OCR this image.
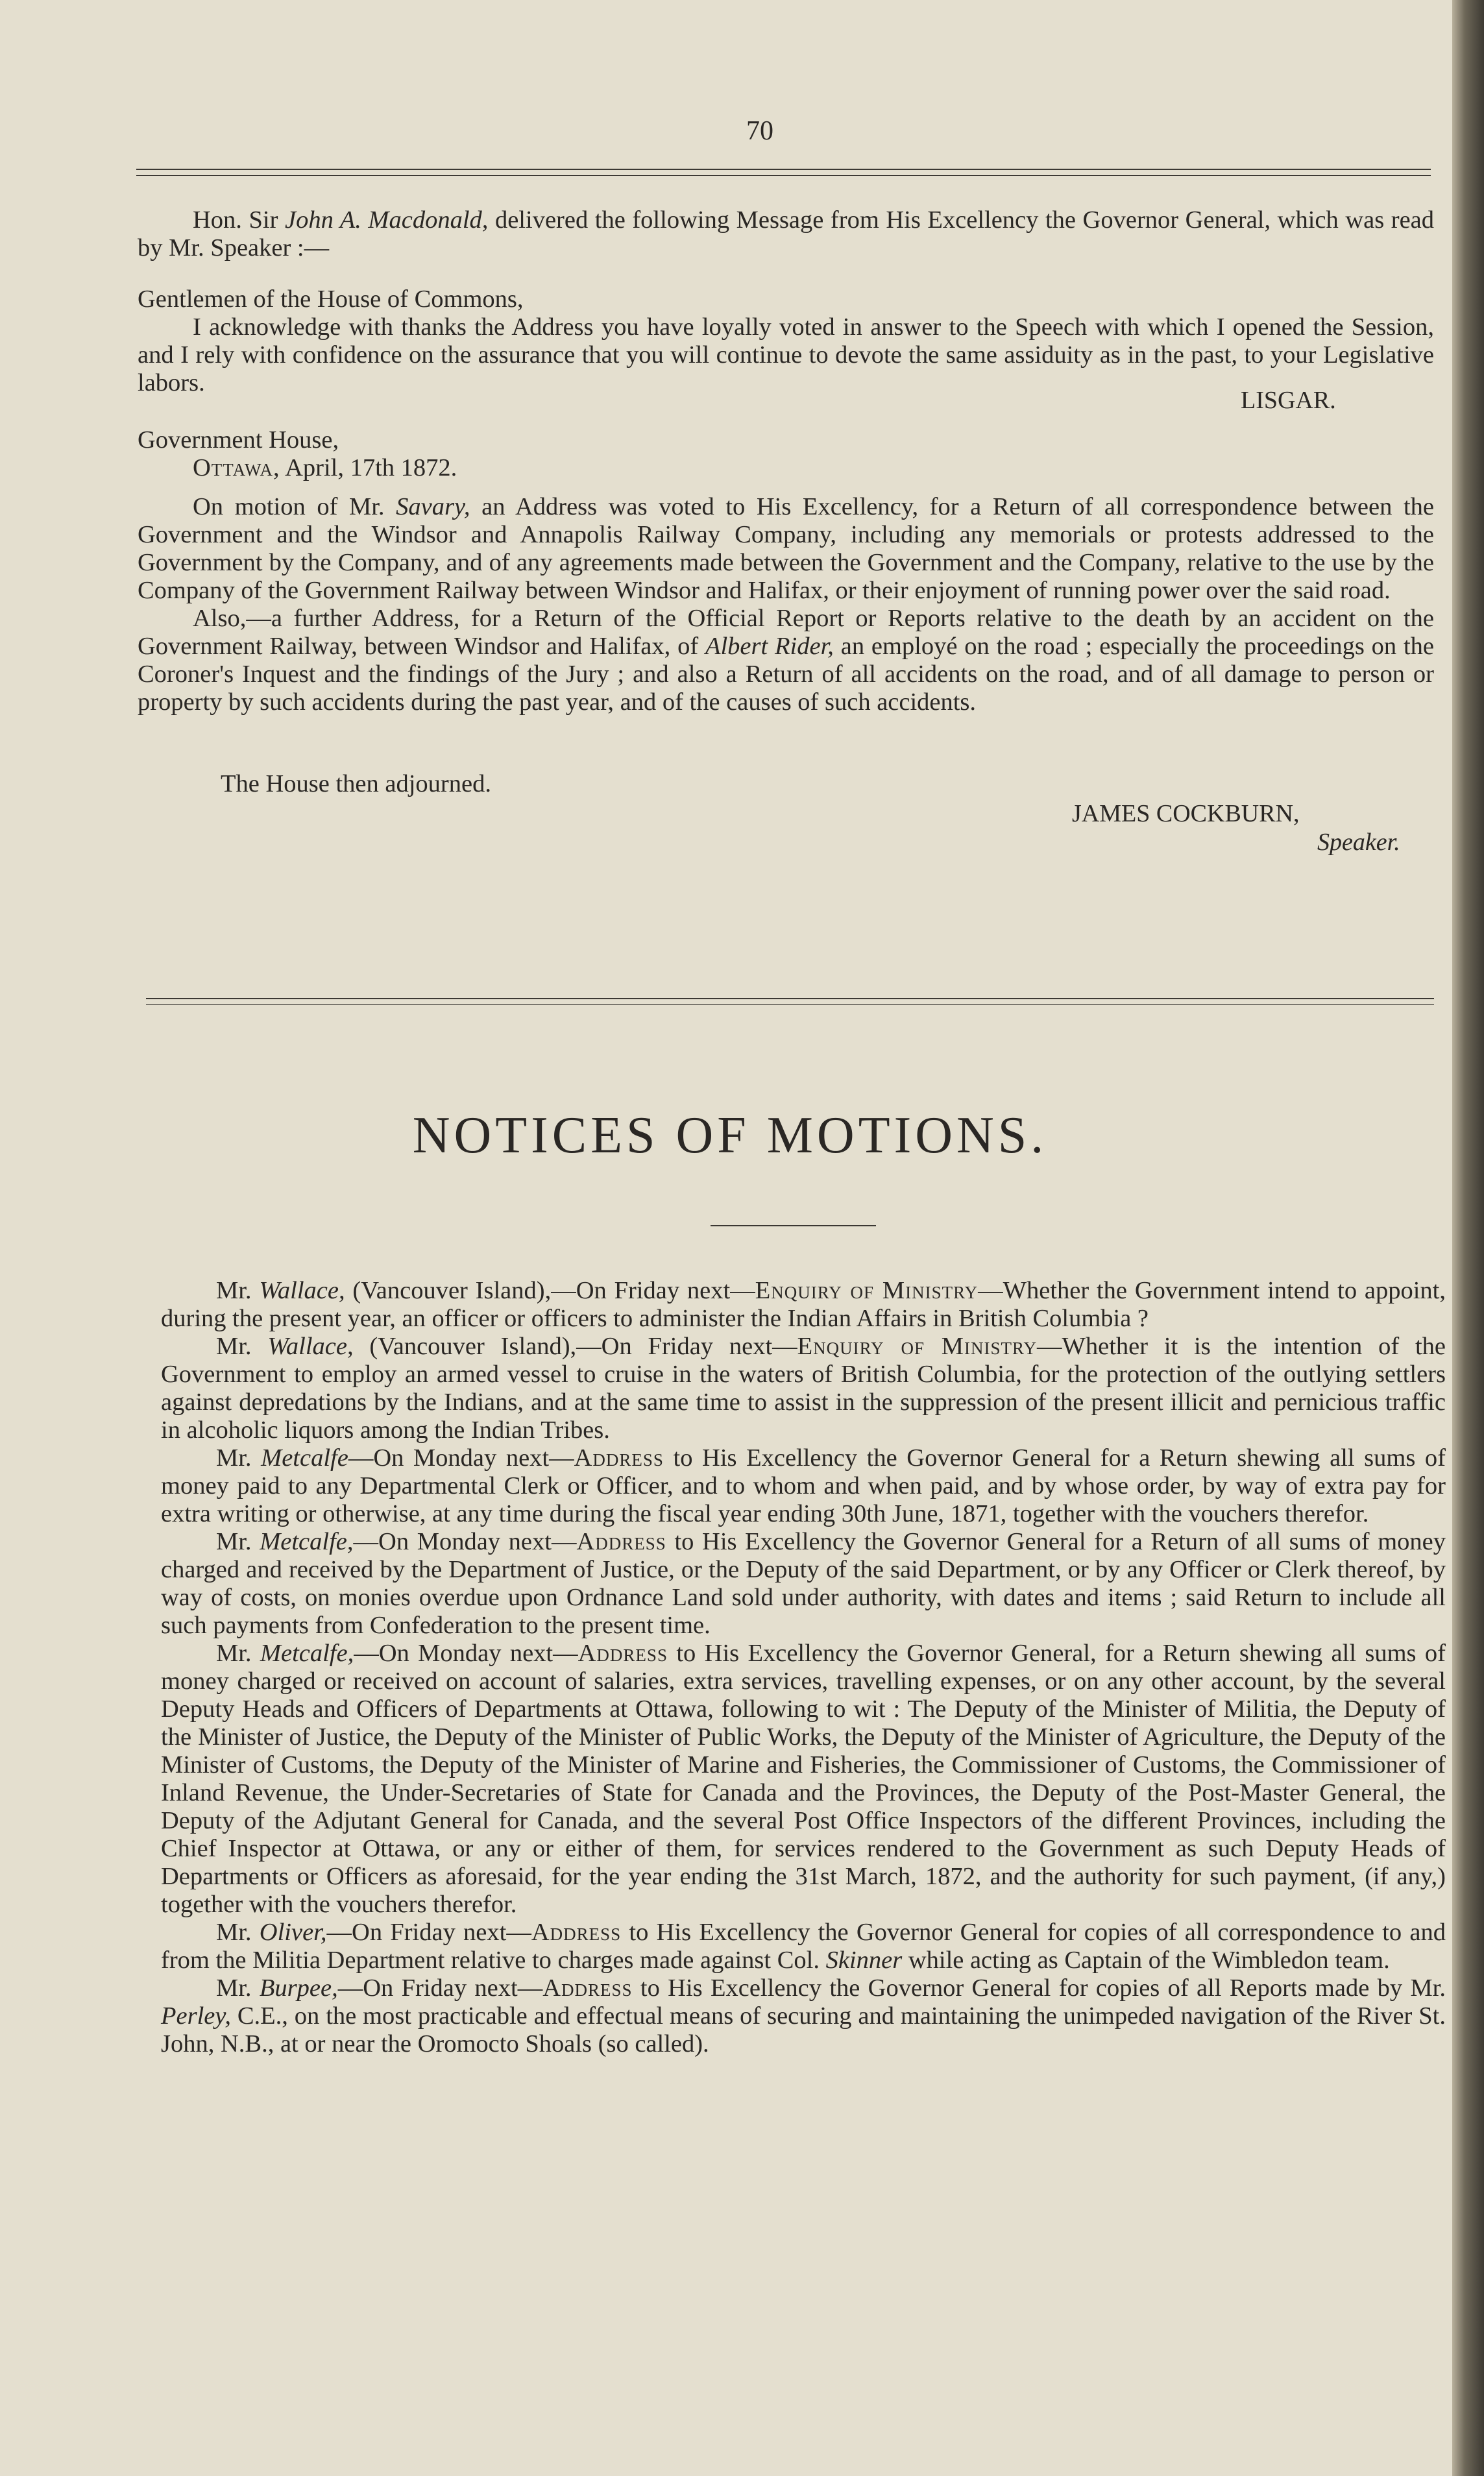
70

Hon. Sir John A. Macdonald, delivered the following Message from His Excellency the Governor General, which was read by Mr. Speaker :—

Gentlemen of the House of Commons,

I acknowledge with thanks the Address you have loyally voted in answer to the Speech with which I opened the Session, and I rely with confidence on the assurance that you will continue to devote the same assiduity as in the past, to your Legislative labors.

LISGAR.

Government House,

Ottawa, April, 17th 1872.

On motion of Mr. Savary, an Address was voted to His Excellency, for a Return of all correspondence between the Government and the Windsor and Annapolis Railway Company, including any memorials or protests addressed to the Government by the Company, and of any agreements made between the Government and the Company, relative to the use by the Company of the Government Railway between Windsor and Halifax, or their enjoyment of running power over the said road.

Also,—a further Address, for a Return of the Official Report or Reports relative to the death by an accident on the Government Railway, between Windsor and Halifax, of Albert Rider, an employé on the road ; especially the proceedings on the Coroner's Inquest and the findings of the Jury ; and also a Return of all accidents on the road, and of all damage to person or property by such accidents during the past year, and of the causes of such accidents.

The House then adjourned.

JAMES COCKBURN,
Speaker.
NOTICES OF MOTIONS.

Mr. Wallace, (Vancouver Island),—On Friday next—Enquiry of Ministry—Whether the Government intend to appoint, during the present year, an officer or officers to administer the Indian Affairs in British Columbia ?

Mr. Wallace, (Vancouver Island),—On Friday next—Enquiry of Ministry—Whether it is the intention of the Government to employ an armed vessel to cruise in the waters of British Columbia, for the protection of the outlying settlers against depredations by the Indians, and at the same time to assist in the suppression of the present illicit and pernicious traffic in alcoholic liquors among the Indian Tribes.

Mr. Metcalfe—On Monday next—Address to His Excellency the Governor General for a Return shewing all sums of money paid to any Departmental Clerk or Officer, and to whom and when paid, and by whose order, by way of extra pay for extra writing or otherwise, at any time during the fiscal year ending 30th June, 1871, together with the vouchers therefor.

Mr. Metcalfe,—On Monday next—Address to His Excellency the Governor General for a Return of all sums of money charged and received by the Department of Justice, or the Deputy of the said Department, or by any Officer or Clerk thereof, by way of costs, on monies overdue upon Ordnance Land sold under authority, with dates and items ; said Return to include all such payments from Confederation to the present time.

Mr. Metcalfe,—On Monday next—Address to His Excellency the Governor General, for a Return shewing all sums of money charged or received on account of salaries, extra services, travelling expenses, or on any other account, by the several Deputy Heads and Officers of Departments at Ottawa, following to wit : The Deputy of the Minister of Militia, the Deputy of the Minister of Justice, the Deputy of the Minister of Public Works, the Deputy of the Minister of Agriculture, the Deputy of the Minister of Customs, the Deputy of the Minister of Marine and Fisheries, the Commissioner of Customs, the Commissioner of Inland Revenue, the Under-Secretaries of State for Canada and the Provinces, the Deputy of the Post-Master General, the Deputy of the Adjutant General for Canada, and the several Post Office Inspectors of the different Provinces, including the Chief Inspector at Ottawa, or any or either of them, for services rendered to the Government as such Deputy Heads of Departments or Officers as aforesaid, for the year ending the 31st March, 1872, and the authority for such payment, (if any,) together with the vouchers therefor.

Mr. Oliver,—On Friday next—Address to His Excellency the Governor General for copies of all correspondence to and from the Militia Department relative to charges made against Col. Skinner while acting as Captain of the Wimbledon team.

Mr. Burpee,—On Friday next—Address to His Excellency the Governor General for copies of all Reports made by Mr. Perley, C.E., on the most practicable and effectual means of securing and maintaining the unimpeded navigation of the River St. John, N.B., at or near the Oromocto Shoals (so called).
